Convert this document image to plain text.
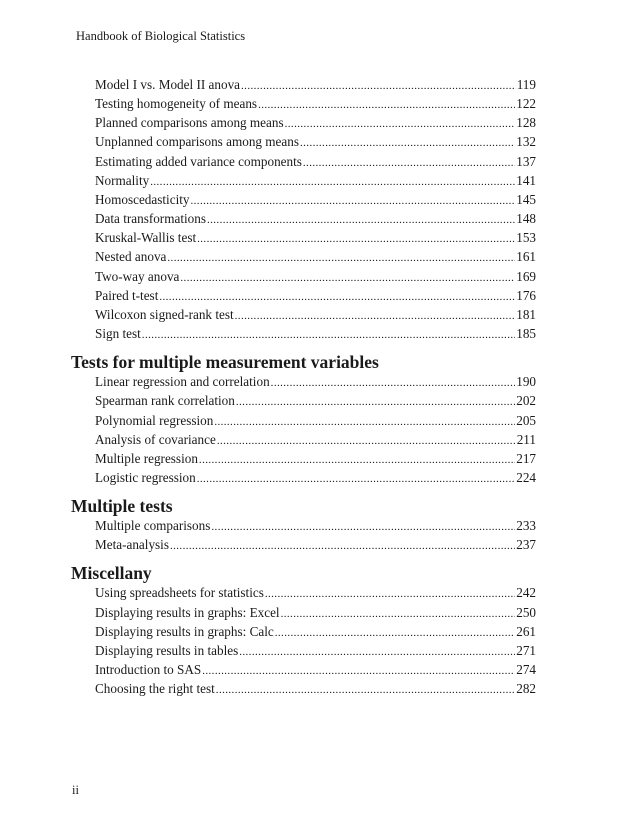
Handbook of Biological Statistics
Model I vs. Model II anova .....	119
Testing homogeneity of means .....	122
Planned comparisons among means .....	128
Unplanned comparisons among means .....	132
Estimating added variance components .....	137
Normality .....	141
Homoscedasticity .....	145
Data transformations .....	148
Kruskal-Wallis test .....	153
Nested anova .....	161
Two-way anova .....	169
Paired t-test .....	176
Wilcoxon signed-rank test .....	181
Sign test .....	185
Tests for multiple measurement variables
Linear regression and correlation .....	190
Spearman rank correlation .....	202
Polynomial regression .....	205
Analysis of covariance .....	211
Multiple regression .....	217
Logistic regression .....	224
Multiple tests
Multiple comparisons .....	233
Meta-analysis .....	237
Miscellany
Using spreadsheets for statistics .....	242
Displaying results in graphs: Excel .....	250
Displaying results in graphs: Calc .....	261
Displaying results in tables .....	271
Introduction to SAS .....	274
Choosing the right test .....	282
ii
